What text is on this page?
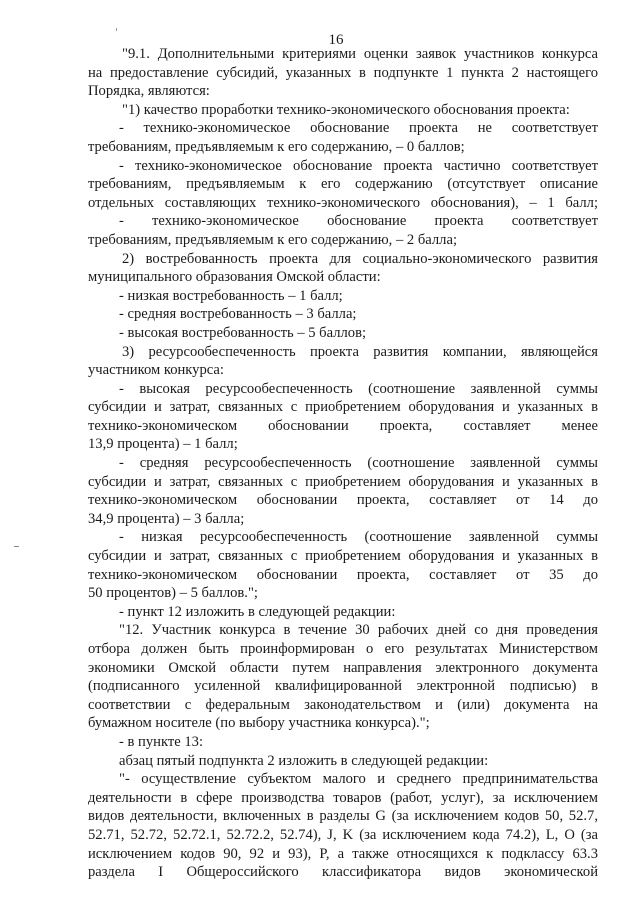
16
"9.1. Дополнительными критериями оценки заявок участников конкурса
на предоставление субсидий, указанных в подпункте 1 пункта 2 настоящего
Порядка, являются:
"1) качество проработки технико-экономического обоснования проекта:
- технико-экономическое обоснование проекта не соответствует
требованиям, предъявляемым к его содержанию, – 0 баллов;
- технико-экономическое обоснование проекта частично соответствует
требованиям, предъявляемым к его содержанию (отсутствует описание
отдельных составляющих технико-экономического обоснования), – 1 балл;
- технико-экономическое обоснование проекта соответствует
требованиям, предъявляемым к его содержанию, – 2 балла;
2) востребованность проекта для социально-экономического развития
муниципального образования Омской области:
- низкая востребованность – 1 балл;
- средняя востребованность – 3 балла;
- высокая востребованность – 5 баллов;
3) ресурсообеспеченность проекта развития компании, являющейся
участником конкурса:
- высокая ресурсообеспеченность (соотношение заявленной суммы
субсидии и затрат, связанных с приобретением оборудования и указанных в
технико-экономическом обосновании проекта, составляет менее
13,9 процента) – 1 балл;
- средняя ресурсообеспеченность (соотношение заявленной суммы
субсидии и затрат, связанных с приобретением оборудования и указанных в
технико-экономическом обосновании проекта, составляет от 14 до
34,9 процента) – 3 балла;
- низкая ресурсообеспеченность (соотношение заявленной суммы
субсидии и затрат, связанных с приобретением оборудования и указанных в
технико-экономическом обосновании проекта, составляет от 35 до
50 процентов) – 5 баллов.";
- пункт 12 изложить в следующей редакции:
"12. Участник конкурса в течение 30 рабочих дней со дня проведения
отбора должен быть проинформирован о его результатах Министерством
экономики Омской области путем направления электронного документа
(подписанного усиленной квалифицированной электронной подписью) в
соответствии с федеральным законодательством и (или) документа на
бумажном носителе (по выбору участника конкурса).";
- в пункте 13:
абзац пятый подпункта 2 изложить в следующей редакции:
"- осуществление субъектом малого и среднего предпринимательства
деятельности в сфере производства товаров (работ, услуг), за исключением
видов деятельности, включенных в разделы G (за исключением кодов 50, 52.7,
52.71, 52.72, 52.72.1, 52.72.2, 52.74), J, K (за исключением кода 74.2), L, O (за
исключением кодов 90, 92 и 93), P, а также относящихся к подклассу 63.3
раздела I Общероссийского классификатора видов экономической
